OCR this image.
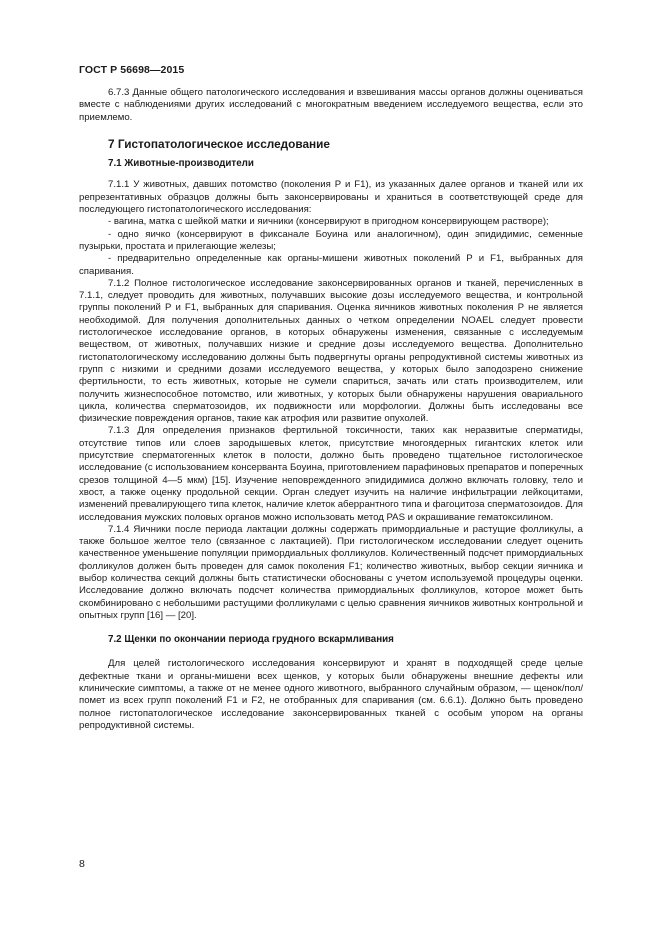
ГОСТ Р 56698—2015

6.7.3 Данные общего патологического исследования и взвешивания массы органов должны оцениваться вместе с наблюдениями других исследований с многократным введением исследуемого вещества, если это приемлемо.

7 Гистопатологическое исследование
7.1 Животные-производители

7.1.1 У животных, давших потомство (поколения Р и F1), из указанных далее органов и тканей или их репрезентативных образцов должны быть законсервированы и храниться в соответствующей среде для последующего гистопатологического исследования:

- вагина, матка с шейкой матки и яичники (консервируют в пригодном консервирующем растворе);

- одно яичко (консервируют в фиксанале Боуина или аналогичном), один эпидидимис, семенные пузырьки, простата и прилегающие железы;

- предварительно определенные как органы-мишени животных поколений Р и F1, выбранных для спаривания.

7.1.2 Полное гистологическое исследование законсервированных органов и тканей, перечисленных в 7.1.1, следует проводить для животных, получавших высокие дозы исследуемого вещества, и контрольной группы поколений Р и F1, выбранных для спаривания. Оценка яичников животных поколения Р не является необходимой. Для получения дополнительных данных о четком определении NOAEL следует провести гистологическое исследование органов, в которых обнаружены изменения, связанные с исследуемым веществом, от животных, получавших низкие и средние дозы исследуемого вещества. Дополнительно гистопатологическому исследованию должны быть подвергнуты органы репродуктивной системы животных из групп с низкими и средними дозами исследуемого вещества, у которых было заподозрено снижение фертильности, то есть животных, которые не сумели спариться, зачать или стать производителем, или получить жизнеспособное потомство, или животных, у которых были обнаружены нарушения овариального цикла, количества сперматозоидов, их подвижности или морфологии. Должны быть исследованы все физические повреждения органов, такие как атрофия или развитие опухолей.

7.1.3 Для определения признаков фертильной токсичности, таких как неразвитые сперматиды, отсутствие типов или слоев зародышевых клеток, присутствие многоядерных гигантских клеток или присутствие сперматогенных клеток в полости, должно быть проведено тщательное гистологическое исследование (с использованием консерванта Боуина, приготовлением парафиновых препаратов и поперечных срезов толщиной 4—5 мкм) [15]. Изучение неповрежденного эпидидимиса должно включать головку, тело и хвост, а также оценку продольной секции. Орган следует изучить на наличие инфильтрации лейкоцитами, изменений превалирующего типа клеток, наличие клеток аберрантного типа и фагоцитоза сперматозоидов. Для исследования мужских половых органов можно использовать метод PAS и окрашивание гематоксилином.

7.1.4 Яичники после периода лактации должны содержать примордиальные и растущие фолликулы, а также большое желтое тело (связанное с лактацией). При гистологическом исследовании следует оценить качественное уменьшение популяции примордиальных фолликулов. Количественный подсчет примордиальных фолликулов должен быть проведен для самок поколения F1; количество животных, выбор секции яичника и выбор количества секций должны быть статистически обоснованы с учетом используемой процедуры оценки. Исследование должно включать подсчет количества примордиальных фолликулов, которое может быть скомбинировано с небольшими растущими фолликулами с целью сравнения яичников животных контрольной и опытных групп [16] — [20].

7.2 Щенки по окончании периода грудного вскармливания

Для целей гистологического исследования консервируют и хранят в подходящей среде целые дефектные ткани и органы-мишени всех щенков, у которых были обнаружены внешние дефекты или клинические симптомы, а также от не менее одного животного, выбранного случайным образом, — щенок/пол/помет из всех групп поколений F1 и F2, не отобранных для спаривания (см. 6.6.1). Должно быть проведено полное гистопатологическое исследование законсервированных тканей с особым упором на органы репродуктивной системы.

8
